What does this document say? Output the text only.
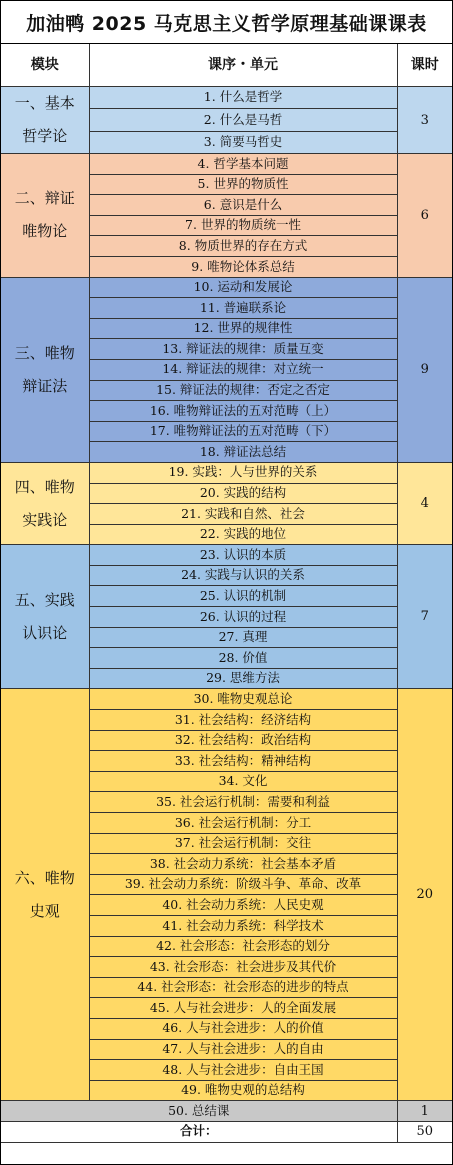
加油鸭 2025 马克思主义哲学原理基础课课表
模块	课序・单元	课时

一、基本
哲学论	1. 什么是哲学	3
	2. 什么是马哲	
	3. 简要马哲史	

二、辩证
唯物论	4. 哲学基本问题	6
	5. 世界的物质性	
	6. 意识是什么	
	7. 世界的物质统一性	
	8. 物质世界的存在方式	
	9. 唯物论体系总结	

三、唯物
辩证法	10. 运动和发展论	9
	11. 普遍联系论	
	12. 世界的规律性	
	13. 辩证法的规律：质量互变	
	14. 辩证法的规律：对立统一	
	15. 辩证法的规律：否定之否定	
	16. 唯物辩证法的五对范畴（上）	
	17. 唯物辩证法的五对范畴（下）	
	18. 辩证法总结	

四、唯物
实践论	19. 实践：人与世界的关系	4
	20. 实践的结构	
	21. 实践和自然、社会	
	22. 实践的地位	

五、实践
认识论	23. 认识的本质	7
	24. 实践与认识的关系	
	25. 认识的机制	
	26. 认识的过程	
	27. 真理	
	28. 价值	
	29. 思维方法	

六、唯物
史观	30. 唯物史观总论	20
	31. 社会结构：经济结构	
	32. 社会结构：政治结构	
	33. 社会结构：精神结构	
	34. 文化	
	35. 社会运行机制：需要和利益	
	36. 社会运行机制：分工	
	37. 社会运行机制：交往	
	38. 社会动力系统：社会基本矛盾	
	39. 社会动力系统：阶级斗争、革命、改革	
	40. 社会动力系统：人民史观	
	41. 社会动力系统：科学技术	
	42. 社会形态：社会形态的划分	
	43. 社会形态：社会进步及其代价	
	44. 社会形态：社会形态的进步的特点	
	45. 人与社会进步：人的全面发展	
	46. 人与社会进步：人的价值	
	47. 人与社会进步：人的自由	
	48. 人与社会进步：自由王国	
	49. 唯物史观的总结构	
50. 总结课		1
合计：		50
